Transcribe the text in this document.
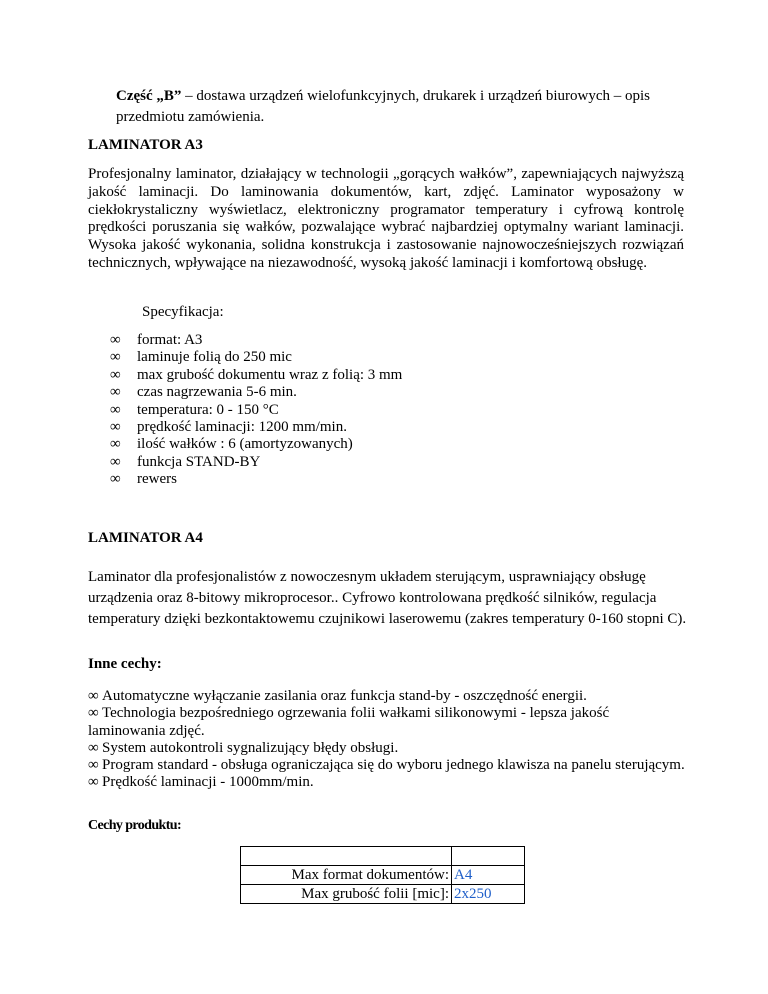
Część „B” – dostawa urządzeń wielofunkcyjnych, drukarek i urządzeń biurowych – opis przedmiotu zamówienia.
LAMINATOR A3
Profesjonalny laminator, działający w technologii „gorących wałków”, zapewniających najwyższą jakość laminacji. Do laminowania dokumentów, kart, zdjęć. Laminator wyposażony w ciekłokrystaliczny wyświetlacz, elektroniczny programator temperatury i cyfrową kontrolę prędkości poruszania się wałków, pozwalające wybrać najbardziej optymalny wariant laminacji. Wysoka jakość wykonania, solidna konstrukcja i zastosowanie najnowocześniejszych rozwiązań technicznych, wpływające na niezawodność, wysoką jakość laminacji i komfortową obsługę.
Specyfikacja:
∞	format: A3
∞	laminuje folią do 250 mic
∞	max grubość dokumentu wraz z folią: 3 mm
∞	czas nagrzewania 5-6 min.
∞	temperatura: 0 - 150 °C
∞	prędkość laminacji: 1200 mm/min.
∞	ilość wałków : 6 (amortyzowanych)
∞	funkcja STAND-BY
∞	rewers
LAMINATOR A4
Laminator dla profesjonalistów z nowoczesnym układem sterującym, usprawniający obsługę urządzenia oraz 8-bitowy mikroprocesor.. Cyfrowo kontrolowana prędkość silników, regulacja temperatury dzięki bezkontaktowemu czujnikowi laserowemu (zakres temperatury 0-160 stopni C).
Inne cechy:
∞ Automatyczne wyłączanie zasilania oraz funkcja stand-by - oszczędność energii.
∞ Technologia bezpośredniego ogrzewania folii wałkami silikonowymi - lepsza jakość laminowania zdjęć.
∞ System autokontroli sygnalizujący błędy obsługi.
∞ Program standard - obsługa ograniczająca się do wyboru jednego klawisza na panelu sterującym.
∞ Prędkość laminacji - 1000mm/min.
Cechy produktu:

Max format dokumentów:	A4
Max grubość folii [mic]:	2x250
